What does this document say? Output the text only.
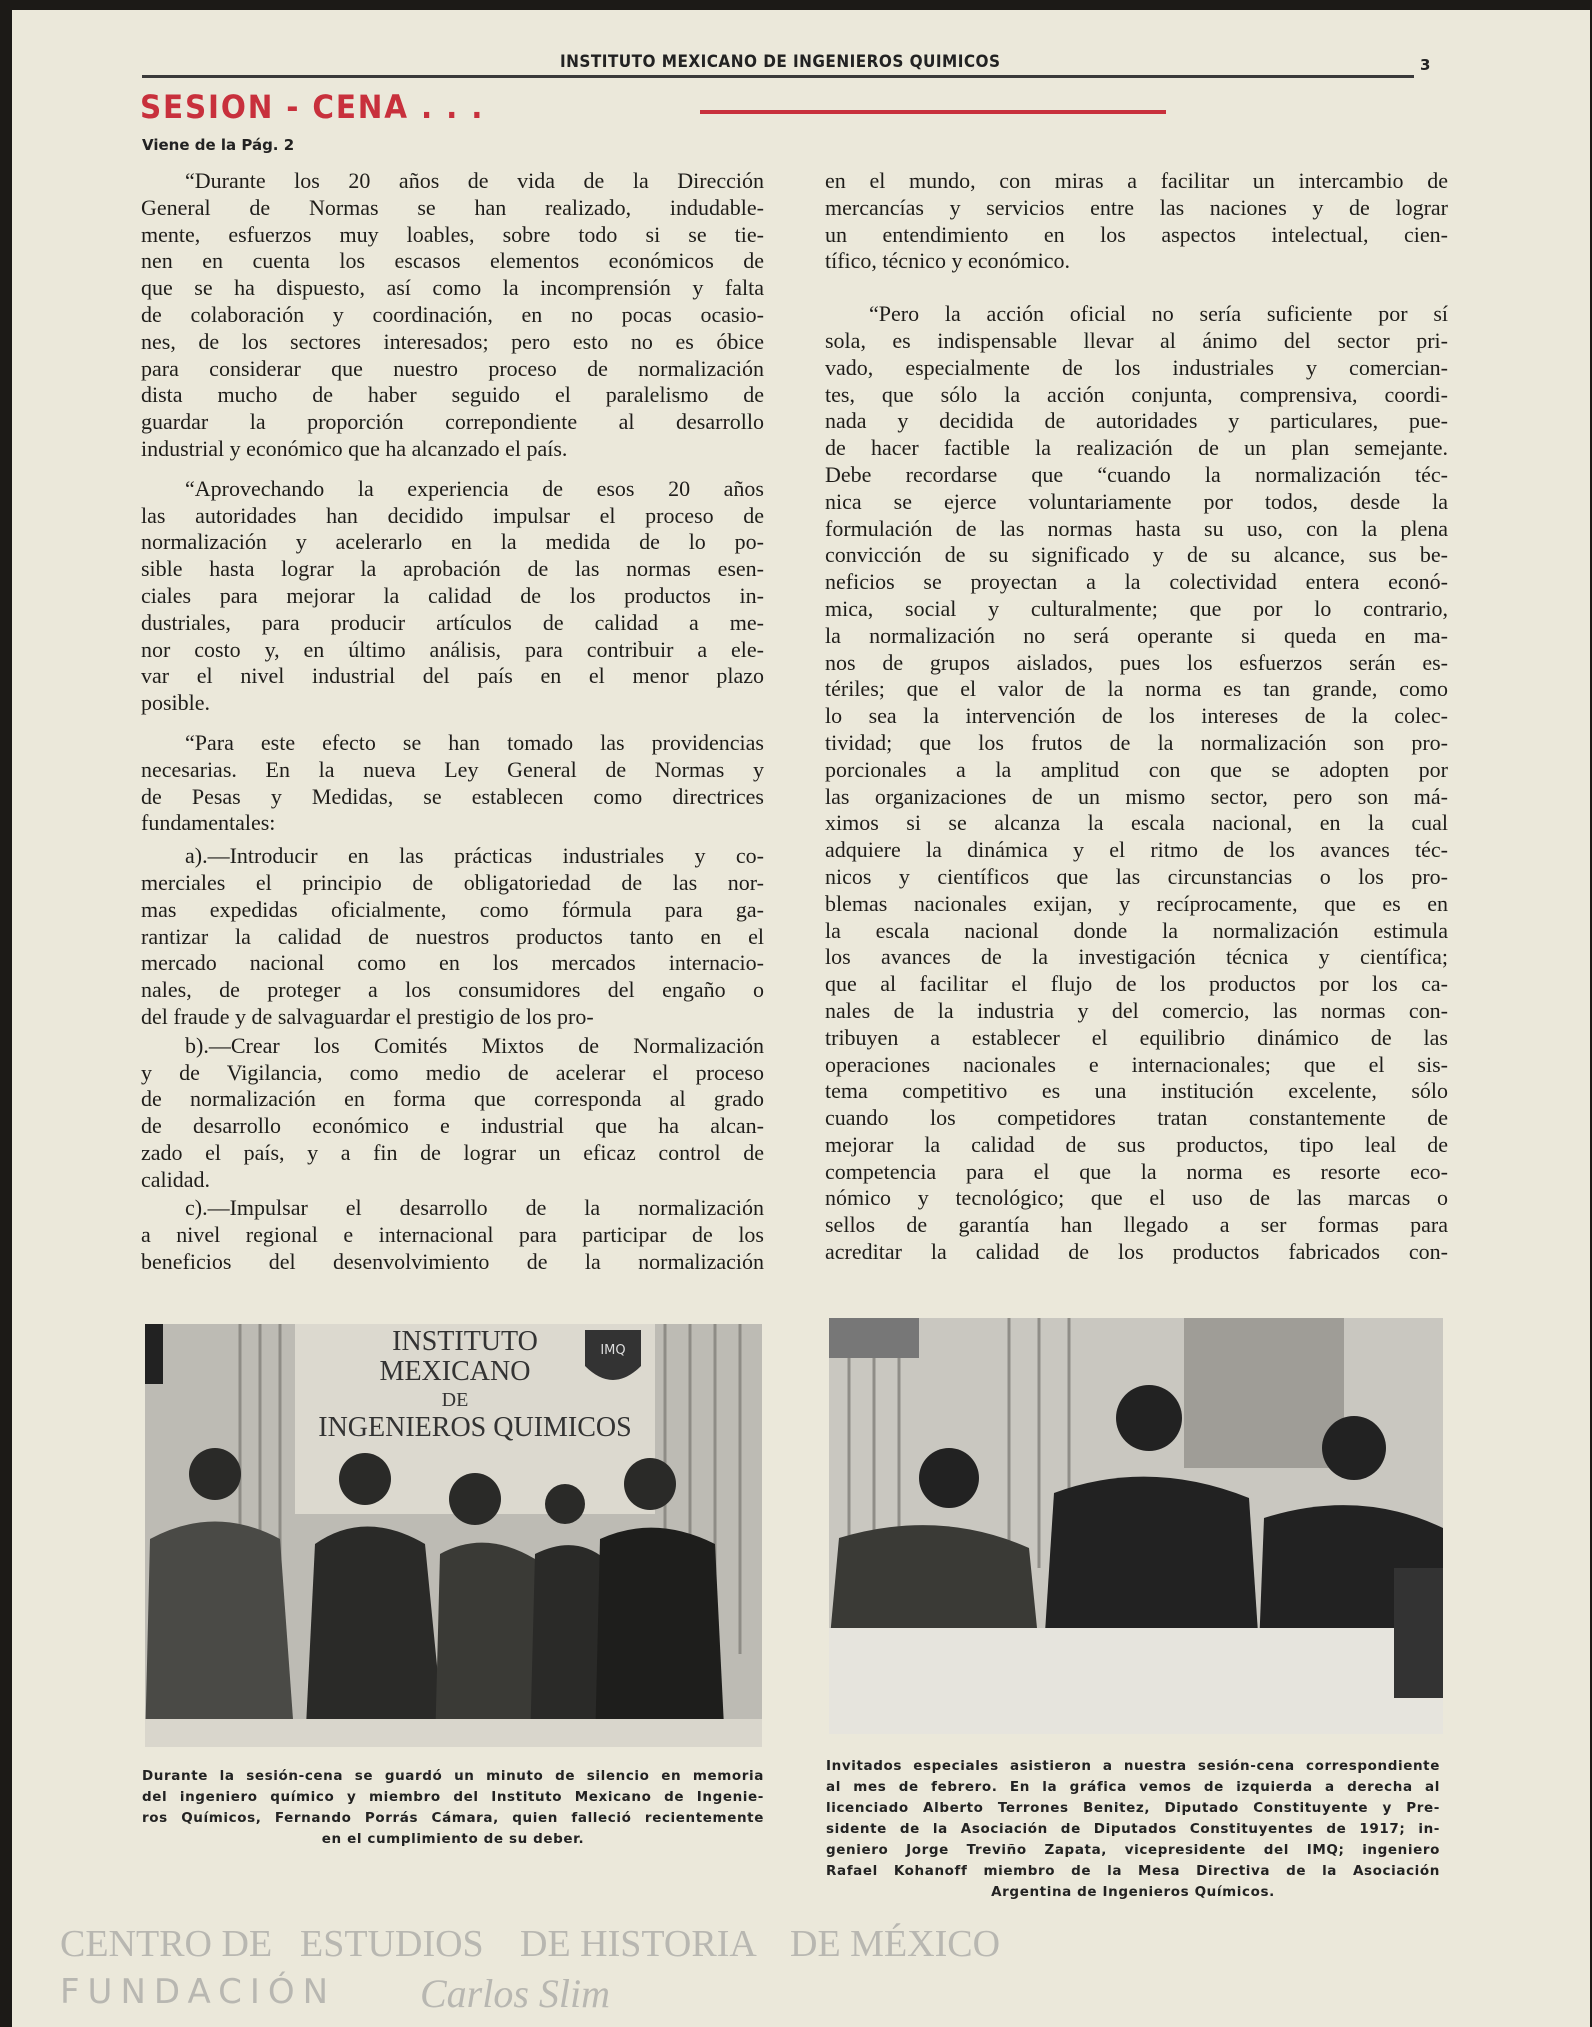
INSTITUTO MEXICANO DE INGENIEROS QUIMICOS	3
SESION - CENA . . .
Viene de la Pág. 2
“Durante los 20 años de vida de la Dirección
General de Normas se han realizado, indudable-
mente, esfuerzos muy loables, sobre todo si se tie-
nen en cuenta los escasos elementos económicos de
que se ha dispuesto, así como la incomprensión y falta
de colaboración y coordinación, en no pocas ocasio-
nes, de los sectores interesados; pero esto no es óbice
para considerar que nuestro proceso de normalización
dista mucho de haber seguido el paralelismo de
guardar la proporción correpondiente al desarrollo
industrial y económico que ha alcanzado el país.
“Aprovechando la experiencia de esos 20 años
las autoridades han decidido impulsar el proceso de
normalización y acelerarlo en la medida de lo po-
sible hasta lograr la aprobación de las normas esen-
ciales para mejorar la calidad de los productos in-
dustriales, para producir artículos de calidad a me-
nor costo y, en último análisis, para contribuir a ele-
var el nivel industrial del país en el menor plazo
posible.
“Para este efecto se han tomado las providencias
necesarias. En la nueva Ley General de Normas y
de Pesas y Medidas, se establecen como directrices
fundamentales:
a).—Introducir en las prácticas industriales y co-
merciales el principio de obligatoriedad de las nor-
mas expedidas oficialmente, como fórmula para ga-
rantizar la calidad de nuestros productos tanto en el
mercado nacional como en los mercados internacio-
nales, de proteger a los consumidores del engaño o
del fraude y de salvaguardar el prestigio de los pro-
b).—Crear los Comités Mixtos de Normalización
y de Vigilancia, como medio de acelerar el proceso
de normalización en forma que corresponda al grado
de desarrollo económico e industrial que ha alcan-
zado el país, y a fin de lograr un eficaz control de
calidad.
c).—Impulsar el desarrollo de la normalización
a nivel regional e internacional para participar de los
beneficios del desenvolvimiento de la normalización
en el mundo, con miras a facilitar un intercambio de
mercancías y servicios entre las naciones y de lograr
un entendimiento en los aspectos intelectual, cien-
tífico, técnico y económico.
“Pero la acción oficial no sería suficiente por sí
sola, es indispensable llevar al ánimo del sector pri-
vado, especialmente de los industriales y comercian-
tes, que sólo la acción conjunta, comprensiva, coordi-
nada y decidida de autoridades y particulares, pue-
de hacer factible la realización de un plan semejante.
Debe recordarse que “cuando la normalización téc-
nica se ejerce voluntariamente por todos, desde la
formulación de las normas hasta su uso, con la plena
convicción de su significado y de su alcance, sus be-
neficios se proyectan a la colectividad entera econó-
mica, social y culturalmente; que por lo contrario,
la normalización no será operante si queda en ma-
nos de grupos aislados, pues los esfuerzos serán es-
tériles; que el valor de la norma es tan grande, como
lo sea la intervención de los intereses de la colec-
tividad; que los frutos de la normalización son pro-
porcionales a la amplitud con que se adopten por
las organizaciones de un mismo sector, pero son má-
ximos si se alcanza la escala nacional, en la cual
adquiere la dinámica y el ritmo de los avances téc-
nicos y científicos que las circunstancias o los pro-
blemas nacionales exijan, y recíprocamente, que es en
la escala nacional donde la normalización estimula
los avances de la investigación técnica y científica;
que al facilitar el flujo de los productos por los ca-
nales de la industria y del comercio, las normas con-
tribuyen a establecer el equilibrio dinámico de las
operaciones nacionales e internacionales; que el sis-
tema competitivo es una institución excelente, sólo
cuando los competidores tratan constantemente de
mejorar la calidad de sus productos, tipo leal de
competencia para el que la norma es resorte eco-
nómico y tecnológico; que el uso de las marcas o
sellos de garantía han llegado a ser formas para
acreditar la calidad de los productos fabricados con-
IMQ
INSTITUTO
MEXICANO
DE
INGENIEROS QUIMICOS
Durante la sesión-cena se guardó un minuto de silencio en memoria
del ingeniero químico y miembro del Instituto Mexicano de Ingenie-
ros Químicos, Fernando Porrás Cámara, quien falleció recientemente
en el cumplimiento de su deber.
Invitados especiales asistieron a nuestra sesión-cena correspondiente
al mes de febrero. En la gráfica vemos de izquierda a derecha al
licenciado Alberto Terrones Benitez, Diputado Constituyente y Pre-
sidente de la Asociación de Diputados Constituyentes de 1917; in-
geniero Jorge Treviño Zapata, vicepresidente del IMQ; ingeniero
Rafael Kohanoff miembro de la Mesa Directiva de la Asociación
Argentina de Ingenieros Químicos.
CENTRO DE ESTUDIOS DE HISTORIA DE MÉXICO
FUNDACIÓN Carlos Slim
